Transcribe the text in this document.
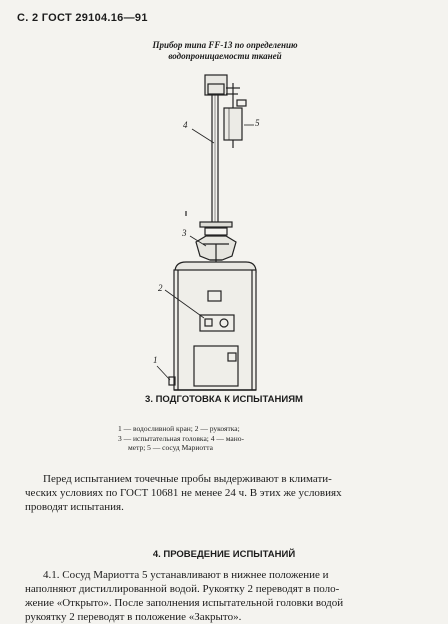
С. 2 ГОСТ 29104.16—91
Прибор типа FF-13 по определению
водопроницаемости тканей
4	5
3
2
1
1 — водосливной кран; 2 — рукоятка;
3 — испытательная головка; 4 — мано-
метр; 5 — сосуд Мариотта
3. ПОДГОТОВКА К ИСПЫТАНИЯМ
Перед испытанием точечные пробы выдерживают в климати-
ческих условиях по ГОСТ 10681 не менее 24 ч. В этих же условиях
проводят испытания.
4. ПРОВЕДЕНИЕ ИСПЫТАНИЙ
4.1. Сосуд Мариотта 5 устанавливают в нижнее положение и
наполняют дистиллированной водой. Рукоятку 2 переводят в поло-
жение «Открыто». После заполнения испытательной головки водой
рукоятку 2 переводят в положение «Закрыто».
